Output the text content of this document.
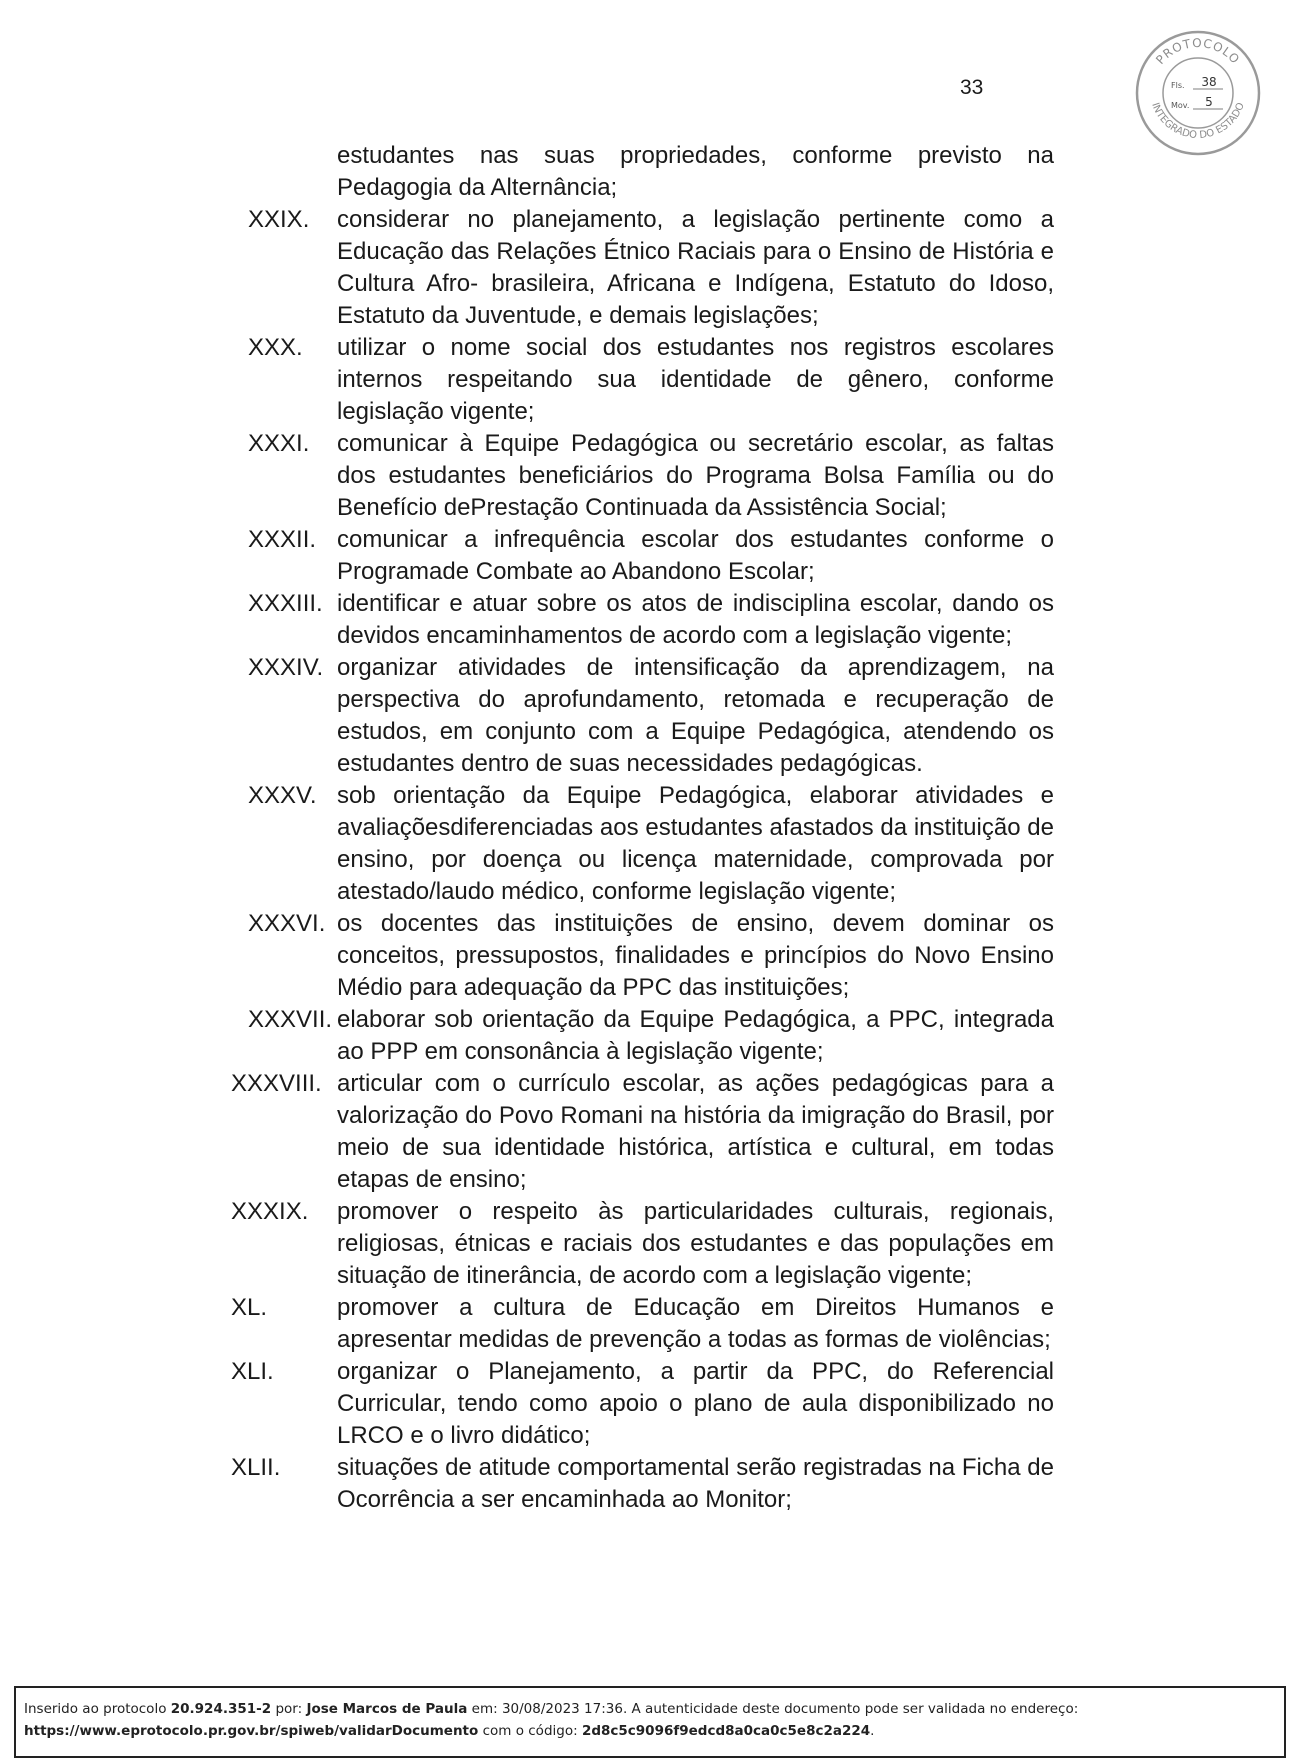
33
PROTOCOLO
INTEGRADO DO ESTADO
Fls. 38
Mov. 5
estudantes nas suas propriedades, conforme previsto na Pedagogia da Alternância;
XXIX. considerar no planejamento, a legislação pertinente como a Educação das Relações Étnico Raciais para o Ensino de História e Cultura Afro- brasileira, Africana e Indígena, Estatuto do Idoso, Estatuto da Juventude, e demais legislações;
XXX. utilizar o nome social dos estudantes nos registros escolares internos respeitando sua identidade de gênero, conforme legislação vigente;
XXXI. comunicar à Equipe Pedagógica ou secretário escolar, as faltas dos estudantes beneficiários do Programa Bolsa Família ou do Benefício dePrestação Continuada da Assistência Social;
XXXII. comunicar a infrequência escolar dos estudantes conforme o Programade Combate ao Abandono Escolar;
XXXIII. identificar e atuar sobre os atos de indisciplina escolar, dando os devidos encaminhamentos de acordo com a legislação vigente;
XXXIV. organizar atividades de intensificação da aprendizagem, na perspectiva do aprofundamento, retomada e recuperação de estudos, em conjunto com a Equipe Pedagógica, atendendo os estudantes dentro de suas necessidades pedagógicas.
XXXV. sob orientação da Equipe Pedagógica, elaborar atividades e avaliaçõesdiferenciadas aos estudantes afastados da instituição de ensino, por doença ou licença maternidade, comprovada por atestado/laudo médico, conforme legislação vigente;
XXXVI. os docentes das instituições de ensino, devem dominar os conceitos, pressupostos, finalidades e princípios do Novo Ensino Médio para adequação da PPC das instituições;
XXXVII. elaborar sob orientação da Equipe Pedagógica, a PPC, integrada ao PPP em consonância à legislação vigente;
XXXVIII. articular com o currículo escolar, as ações pedagógicas para a valorização do Povo Romani na história da imigração do Brasil, por meio de sua identidade histórica, artística e cultural, em todas etapas de ensino;
XXXIX. promover o respeito às particularidades culturais, regionais, religiosas, étnicas e raciais dos estudantes e das populações em situação de itinerância, de acordo com a legislação vigente;
XL.	promover a cultura de Educação em Direitos Humanos e apresentar medidas de prevenção a todas as formas de violências;
XLI.	organizar o Planejamento, a partir da PPC, do Referencial Curricular, tendo como apoio o plano de aula disponibilizado no LRCO e o livro didático;
XLII. situações de atitude comportamental serão registradas na Ficha de Ocorrência a ser encaminhada ao Monitor;
Inserido ao protocolo 20.924.351-2 por: Jose Marcos de Paula em: 30/08/2023 17:36. A autenticidade deste documento pode ser validada no endereço:
https://www.eprotocolo.pr.gov.br/spiweb/validarDocumento com o código: 2d8c5c9096f9edcd8a0ca0c5e8c2a224.
